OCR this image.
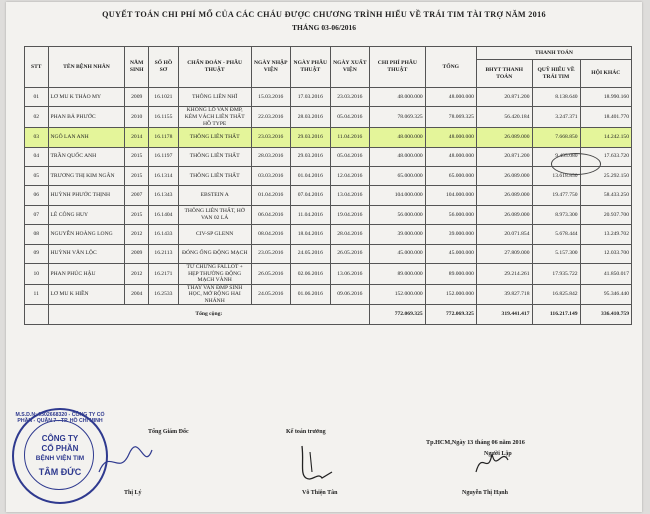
QUYẾT TOÁN CHI PHÍ MỔ CỦA CÁC CHÁU ĐƯỢC CHƯƠNG TRÌNH HIỂU VỀ TRÁI TIM TÀI TRỢ NĂM 2016
THÁNG 03-06/2016
STT	TÊN BỆNH NHÂN	NĂM SINH	SỐ HỒ SƠ	CHẨN ĐOÁN - PHẪU THUẬT	NGÀY NHẬP VIỆN	NGÀY PHẪU THUẬT	NGÀY XUẤT VIỆN	CHI PHÍ PHẪU THUẬT	TỔNG	THANH TOÁN		
										BHYT THANH TOÁN	QUỸ HIỂU VỀ TRÁI TIM	HỘI KHÁC
01	LƠ MU K THẢO MY	2009	16.1021	THÔNG LIÊN NHĨ	15.03.2016	17.03.2016	23.03.2016	48.000.000	48.000.000	20.871.200	8.138.640	18.990.160
02	PHAN BẢ PHƯỚC	2010	16.1155	KHÔNG LỖ VAN ĐMP, KÉM VÁCH LIÊN THẤT HỒ TYPE	22.03.2016	28.03.2016	05.04.2016	78.069.325	78.069.325	56.420.184	3.247.371	18.401.770
03	NGÔ LAN ANH	2014	16.1178	THÔNG LIÊN THẤT	23.03.2016	29.03.2016	11.04.2016	48.000.000	48.000.000	26.089.000	7.668.850	14.242.150
04	TRẦN QUỐC ANH	2015	16.1197	THÔNG LIÊN THẤT	28.03.2016	29.03.2016	05.04.2016	48.000.000	48.000.000	20.871.200	9.495.080	17.633.720
05	TRƯƠNG THỊ KIM NGÂN	2015	16.1314	THÔNG LIÊN THẤT	03.03.2016	01.04.2016	12.04.2016	65.000.000	65.000.000	26.089.000	13.618.850	25.292.150
06	HUỲNH PHƯỚC THỊNH	2007	16.1343	EBSTEIN A	01.04.2016	07.04.2016	13.04.2016	104.000.000	104.000.000	26.089.000	19.477.750	58.433.250
07	LÊ CÔNG HUY	2015	16.1404	THÔNG LIÊN THẤT, HỞ VAN 02 LÁ	06.04.2016	11.04.2016	19.04.2016	56.000.000	56.000.000	26.089.000	8.973.300	20.937.700
08	NGUYỄN HOÀNG LONG	2012	16.1433	CIV-SP GLENN	08.04.2016	18.04.2016	28.04.2016	39.000.000	39.000.000	20.071.854	5.678.444	13.249.702
09	HUỲNH VĂN LỘC	2009	16.2113	ĐÓNG ỐNG ĐỘNG MẠCH	23.05.2016	24.05.2016	26.05.2016	45.000.000	45.000.000	27.809.000	5.157.300	12.033.700
10	PHAN PHÚC HẬU	2012	16.2171	TỨ CHỨNG FALLOT + HẸP THƯỜNG ĐỘNG MẠCH VÀNH	26.05.2016	02.06.2016	13.06.2016	89.000.000	89.000.000	29.214.261	17.935.722	41.850.017
11	LƠ MU K HIỀN	2004	16.2533	THAY VAN ĐMP SINH HỌC, MỞ RỘNG HAI NHÁNH	24.05.2016	01.06.2016	09.06.2016	152.000.000	152.000.000	39.827.718	16.825.842	95.346.440
	Tổng cộng:							772.069.325	772.069.325	319.441.417	116.217.149	336.410.759
Tổng Giám Đốc	Kế toán trưởng
Tp.HCM,Ngày 13 tháng 06 năm 2016
Người Lập
Thị Lý	Võ Thiện Tân	Nguyễn Thị Hạnh
CÔNG TY
CỔ PHẦN
BỆNH VIỆN TIM
TÂM ĐỨC
M.S.D.N: 0302668320 - CÔNG TY CỔ PHẦN - QUẬN 7 - TP. HỒ CHÍ MINH
